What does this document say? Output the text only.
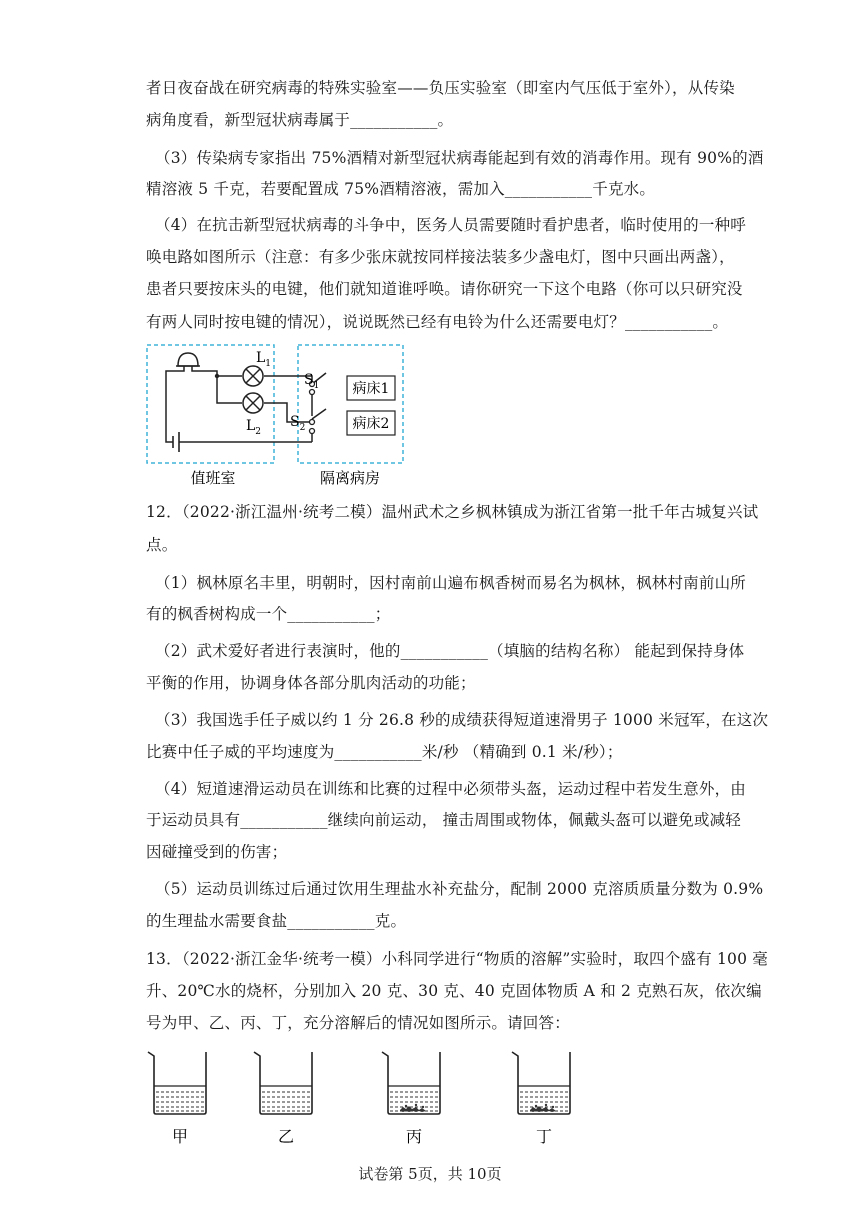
者日夜奋战在研究病毒的特殊实验室——负压实验室（即室内气压低于室外），从传染
病角度看，新型冠状病毒属于___________。
（3）传染病专家指出 75%酒精对新型冠状病毒能起到有效的消毒作用。现有 90%的酒
精溶液 5 千克，若要配置成 75%酒精溶液，需加入___________千克水。
（4）在抗击新型冠状病毒的斗争中，医务人员需要随时看护患者，临时使用的一种呼
唤电路如图所示（注意：有多少张床就按同样接法装多少盏电灯，图中只画出两盏），
患者只要按床头的电键，他们就知道谁呼唤。请你研究一下这个电路（你可以只研究没
有两人同时按电键的情况），说说既然已经有电铃为什么还需要电灯？___________。
$L_1$
$L_2$
$S_1$
$S_2$
病床1
病床2
值班室	隔离病房
12．（2022·浙江温州·统考二模）温州武术之乡枫林镇成为浙江省第一批千年古城复兴试
点。
（1）枫林原名丰里，明朝时，因村南前山遍布枫香树而易名为枫林，枫林村南前山所
有的枫香树构成一个___________；
（2）武术爱好者进行表演时，他的___________（填脑的结构名称） 能起到保持身体
平衡的作用，协调身体各部分肌肉活动的功能；
（3）我国选手任子威以约 1 分 26.8 秒的成绩获得短道速滑男子 1000 米冠军，在这次
比赛中任子威的平均速度为___________米/秒 （精确到 0.1 米/秒）；
（4）短道速滑运动员在训练和比赛的过程中必须带头盔，运动过程中若发生意外，由
于运动员具有___________继续向前运动， 撞击周围或物体，佩戴头盔可以避免或减轻
因碰撞受到的伤害；
（5）运动员训练过后通过饮用生理盐水补充盐分，配制 2000 克溶质质量分数为 0.9%
的生理盐水需要食盐___________克。
13．（2022·浙江金华·统考一模）小科同学进行“物质的溶解”实验时，取四个盛有 100 毫
升、20℃水的烧杯，分别加入 20 克、30 克、40 克固体物质 A 和 2 克熟石灰，依次编
号为甲、乙、丙、丁，充分溶解后的情况如图所示。请回答：
甲	乙	丙	丁
试卷第 5页，共 10页
